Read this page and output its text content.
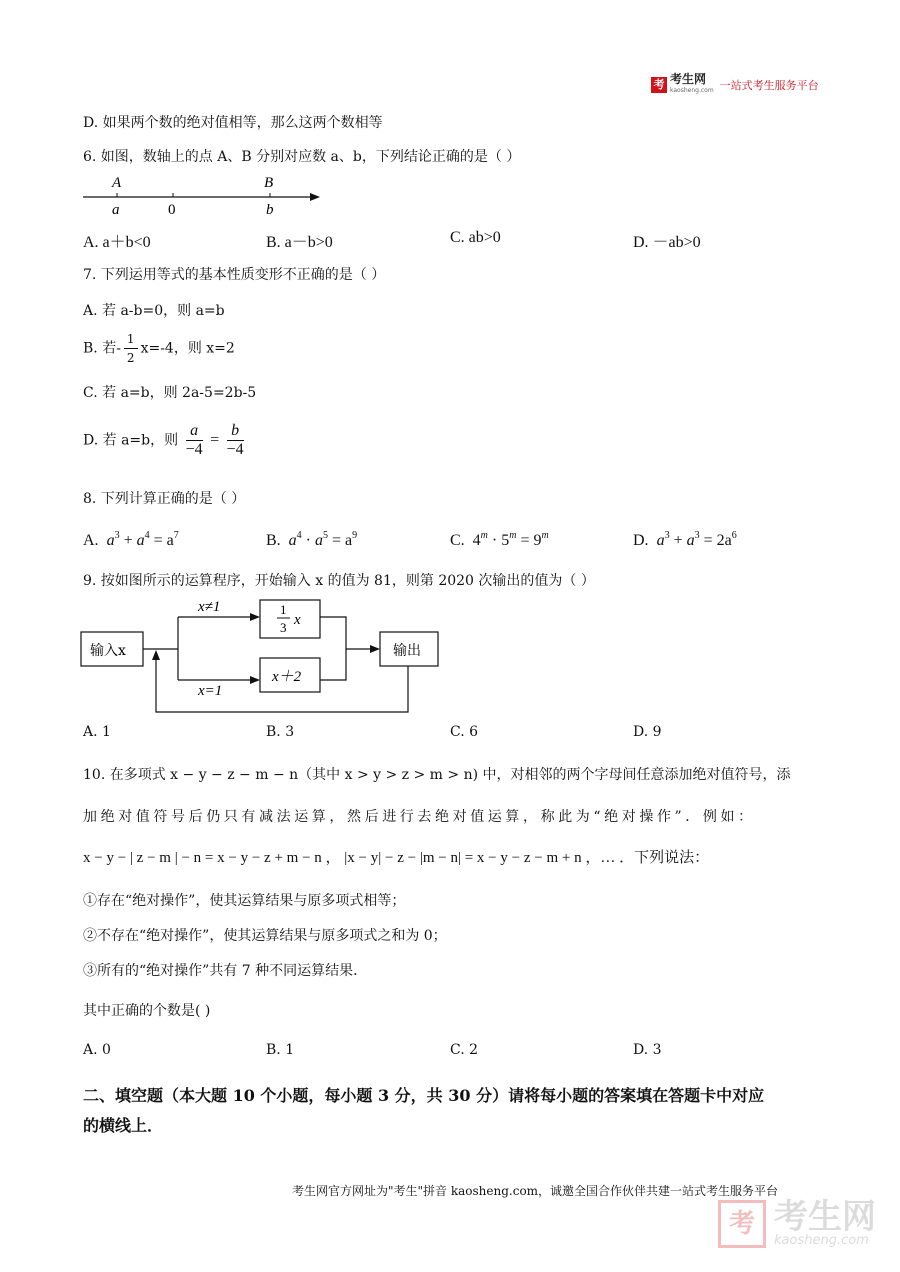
考 考生网
kaosheng.com 一站式考生服务平台
D. 如果两个数的绝对值相等，那么这两个数相等
6. 如图，数轴上的点 A、B 分别对应数 a、b，下列结论正确的是（ ）
A
a	0
B
b
A. a＋b<0	B. a－b>0	C. ab>0	D. －ab>0
7. 下列运用等式的基本性质变形不正确的是（ ）
A. 若 a-b=0，则 a=b
B. 若- $\frac{1}{2} x=-4$，则 x=2
C. 若 a=b，则 2a-5=2b-5
D. 若 a=b，则 $\frac{a}{-4} = \frac{b}{-4}$
8. 下列计算正确的是（ ）
A. $a^3 + a^4 = a^7$	B. $a^4 \cdot a^5 = a^9$	C. $4^m \cdot 5^m = 9^m$	D. $a^3 + a^3 = 2a^6$
9. 按如图所示的运算程序，开始输入 x 的值为 81，则第 2020 次输出的值为（ ）
输入x
x≠1	1
3 x
x=1
x＋2
输出
A. 1	B. 3	C. 6	D. 9
10. 在多项式 x − y − z − m − n（其中 x > y > z > m > n) 中，对相邻的两个字母间任意添加绝对值符号，添
加绝对值符号后仍只有减法运算，然后进行去绝对值运算，称此为“绝对操作”．例如：
x − y − | z − m | − n = x − y − z + m − n ， |x − y| − z − |m − n| = x − y − z − m + n ，… ．下列说法：
①存在“绝对操作”，使其运算结果与原多项式相等；
②不存在“绝对操作”，使其运算结果与原多项式之和为 0；
③所有的“绝对操作”共有 7 种不同运算结果．
其中正确的个数是( )
A. 0	B. 1	C. 2	D. 3
二、填空题（本大题 10 个小题，每小题 3 分，共 30 分）请将每小题的答案填在答题卡中对应
的横线上．
考生网官方网址为"考生"拼音 kaosheng.com，诚邀全国合作伙伴共建一站式考生服务平台
考 考生网
kaosheng.com
